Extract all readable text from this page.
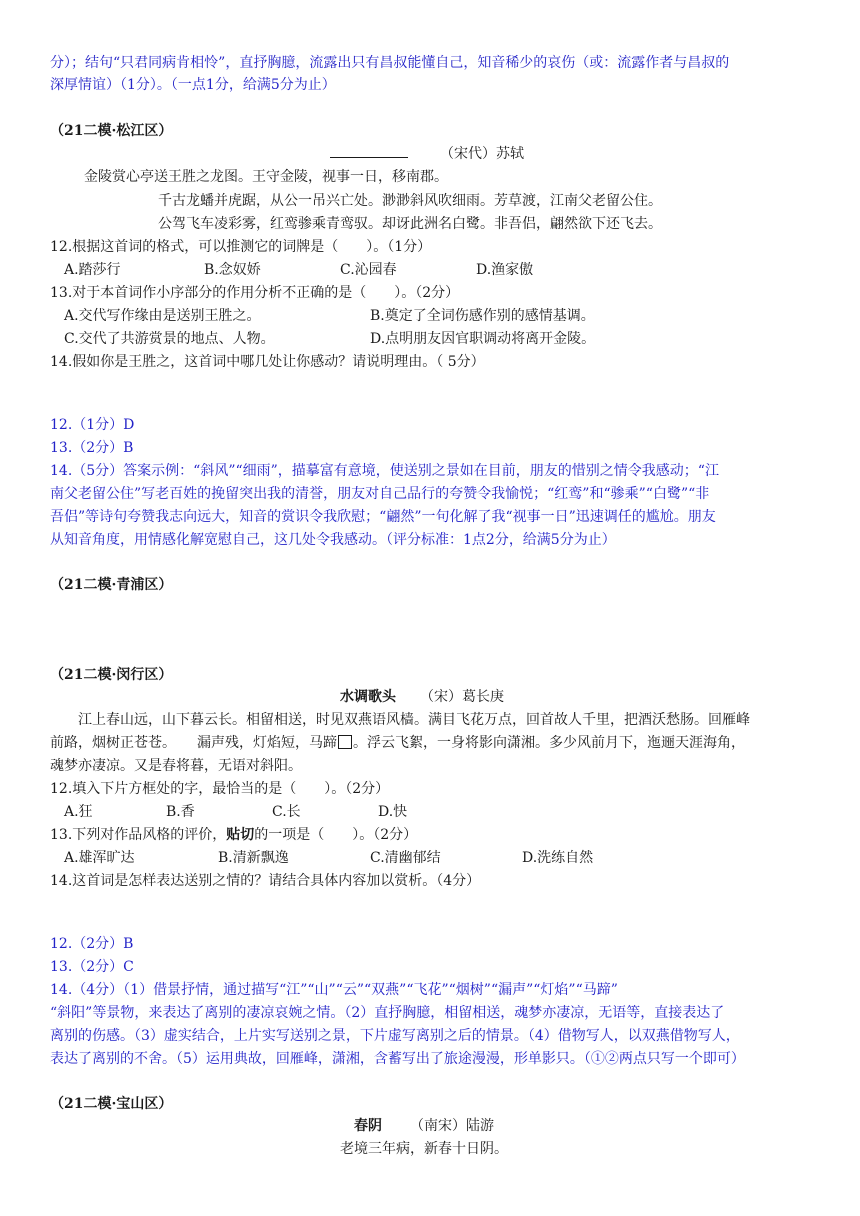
分）；结句“只君同病肯相怜”，直抒胸臆，流露出只有昌叔能懂自己，知音稀少的哀伤（或：流露作者与昌叔的
深厚情谊）（1分）。（一点1分，给满5分为止）
（21二模·松江区）
（宋代）苏轼
金陵赏心亭送王胜之龙图。王守金陵，视事一日，移南郡。
千古龙蟠并虎踞，从公一吊兴亡处。渺渺斜风吹细雨。芳草渡，江南父老留公住。
公驾飞车凌彩雾，红鸾骖乘青鸾驭。却讶此洲名白鹭。非吾侣，翩然欲下还飞去。
12.根据这首词的格式，可以推测它的词牌是（　　）。（1分）
A.踏莎行	B.念奴娇	C.沁园春	D.渔家傲
13.对于本首词作小序部分的作用分析不正确的是（　　）。（2分）
A.交代写作缘由是送别王胜之。	B.奠定了全词伤感作别的感情基调。
C.交代了共游赏景的地点、人物。	D.点明朋友因官职调动将离开金陵。
14.假如你是王胜之，这首词中哪几处让你感动？请说明理由。（ 5分）
12.（1分）D
13.（2分）B
14.（5分）答案示例：“斜风”“细雨”，描摹富有意境，使送别之景如在目前，朋友的惜别之情令我感动；“江
南父老留公住”写老百姓的挽留突出我的清誉，朋友对自己品行的夸赞令我愉悦；“红鸾”和“骖乘”“白鹭”“非
吾侣”等诗句夸赞我志向远大，知音的赏识令我欣慰；“翩然”一句化解了我“视事一日”迅速调任的尴尬。朋友
从知音角度，用情感化解宽慰自己，这几处令我感动。（评分标准：1点2分，给满5分为止）
（21二模·青浦区）
（21二模·闵行区）
水调歌头 （宋）葛长庚
江上春山远，山下暮云长。相留相送，时见双燕语风樯。满目飞花万点，回首故人千里，把酒沃愁肠。回雁峰
前路，烟树正苍苍。　　漏声残，灯焰短，马蹄 。浮云飞絮，一身将影向潇湘。多少风前月下，迤逦天涯海角，
魂梦亦凄凉。又是春将暮，无语对斜阳。
12.填入下片方框处的字，最恰当的是（　　）。（2分）
A.狂	B.香	C.长	D.快
13.下列对作品风格的评价，贴切的一项是（　　）。（2分）
A.雄浑旷达	B.清新飘逸	C.清幽郁结	D.洗练自然
14.这首词是怎样表达送别之情的？请结合具体内容加以赏析。（4分）
12.（2分）B
13.（2分）C
14.（4分）（1）借景抒情，通过描写“江”“山”“云”“双燕”“飞花”“烟树”“漏声”“灯焰”“马蹄”
“斜阳”等景物，来表达了离别的凄凉哀婉之情。（2）直抒胸臆，相留相送，魂梦亦凄凉，无语等，直接表达了
离别的伤感。（3）虚实结合，上片实写送别之景，下片虚写离别之后的情景。（4）借物写人，以双燕借物写人，
表达了离别的不舍。（5）运用典故，回雁峰，潇湘，含蓄写出了旅途漫漫，形单影只。（①②两点只写一个即可）
（21二模·宝山区）
春阴 （南宋）陆游
老境三年病，新春十日阴。
